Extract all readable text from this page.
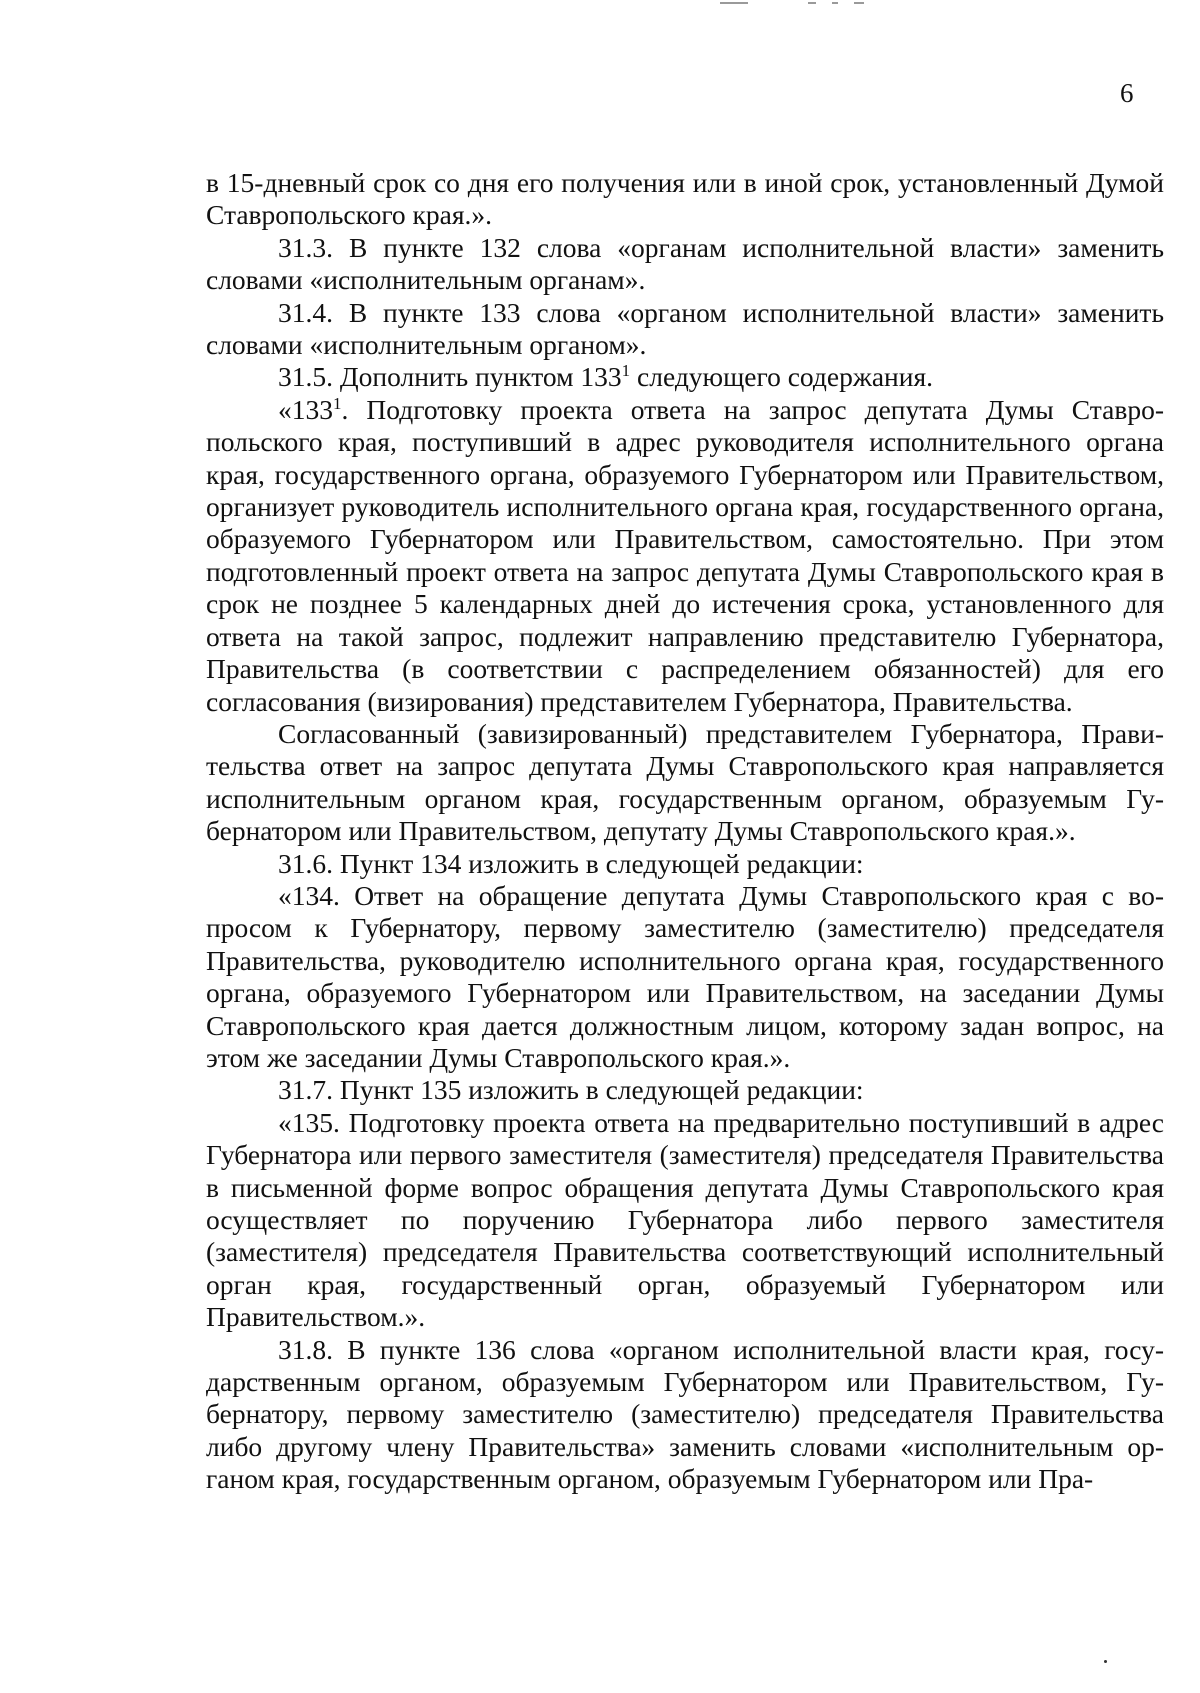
6

в 15-дневный срок со дня его получения или в иной срок, установленный Думой Ставропольского края.».

31.3. В пункте 132 слова «органам исполнительной власти» заменить словами «исполнительным органам».

31.4. В пункте 133 слова «органом исполнительной власти» заменить словами «исполнительным органом».

31.5. Дополнить пунктом $133^1$ следующего содержания.

«$133^1$. Подготовку проекта ответа на запрос депутата Думы Ставропольского края, поступивший в адрес руководителя исполнительного органа края, государственного органа, образуемого Губернатором или Правительством, организует руководитель исполнительного органа края, государственного органа, образуемого Губернатором или Правительством, самостоятельно. При этом подготовленный проект ответа на запрос депутата Думы Ставропольского края в срок не позднее 5 календарных дней до истечения срока, установленного для ответа на такой запрос, подлежит направлению представителю Губернатора, Правительства (в соответствии с распределением обязанностей) для его согласования (визирования) представителем Губернатора, Правительства.

Согласованный (завизированный) представителем Губернатора, Правительства ответ на запрос депутата Думы Ставропольского края направляется исполнительным органом края, государственным органом, образуемым Губернатором или Правительством, депутату Думы Ставропольского края.».

31.6. Пункт 134 изложить в следующей редакции:

«134. Ответ на обращение депутата Думы Ставропольского края с вопросом к Губернатору, первому заместителю (заместителю) председателя Правительства, руководителю исполнительного органа края, государственного органа, образуемого Губернатором или Правительством, на заседании Думы Ставропольского края дается должностным лицом, которому задан вопрос, на этом же заседании Думы Ставропольского края.».

31.7. Пункт 135 изложить в следующей редакции:

«135. Подготовку проекта ответа на предварительно поступивший в адрес Губернатора или первого заместителя (заместителя) председателя Правительства в письменной форме вопрос обращения депутата Думы Ставропольского края осуществляет по поручению Губернатора либо первого заместителя (заместителя) председателя Правительства соответствующий исполнительный орган края, государственный орган, образуемый Губернатором или Правительством.».

31.8. В пункте 136 слова «органом исполнительной власти края, государственным органом, образуемым Губернатором или Правительством, Губернатору, первому заместителю (заместителю) председателя Правительства либо другому члену Правительства» заменить словами «исполнительным органом края, государственным органом, образуемым Губернатором или Пра-
